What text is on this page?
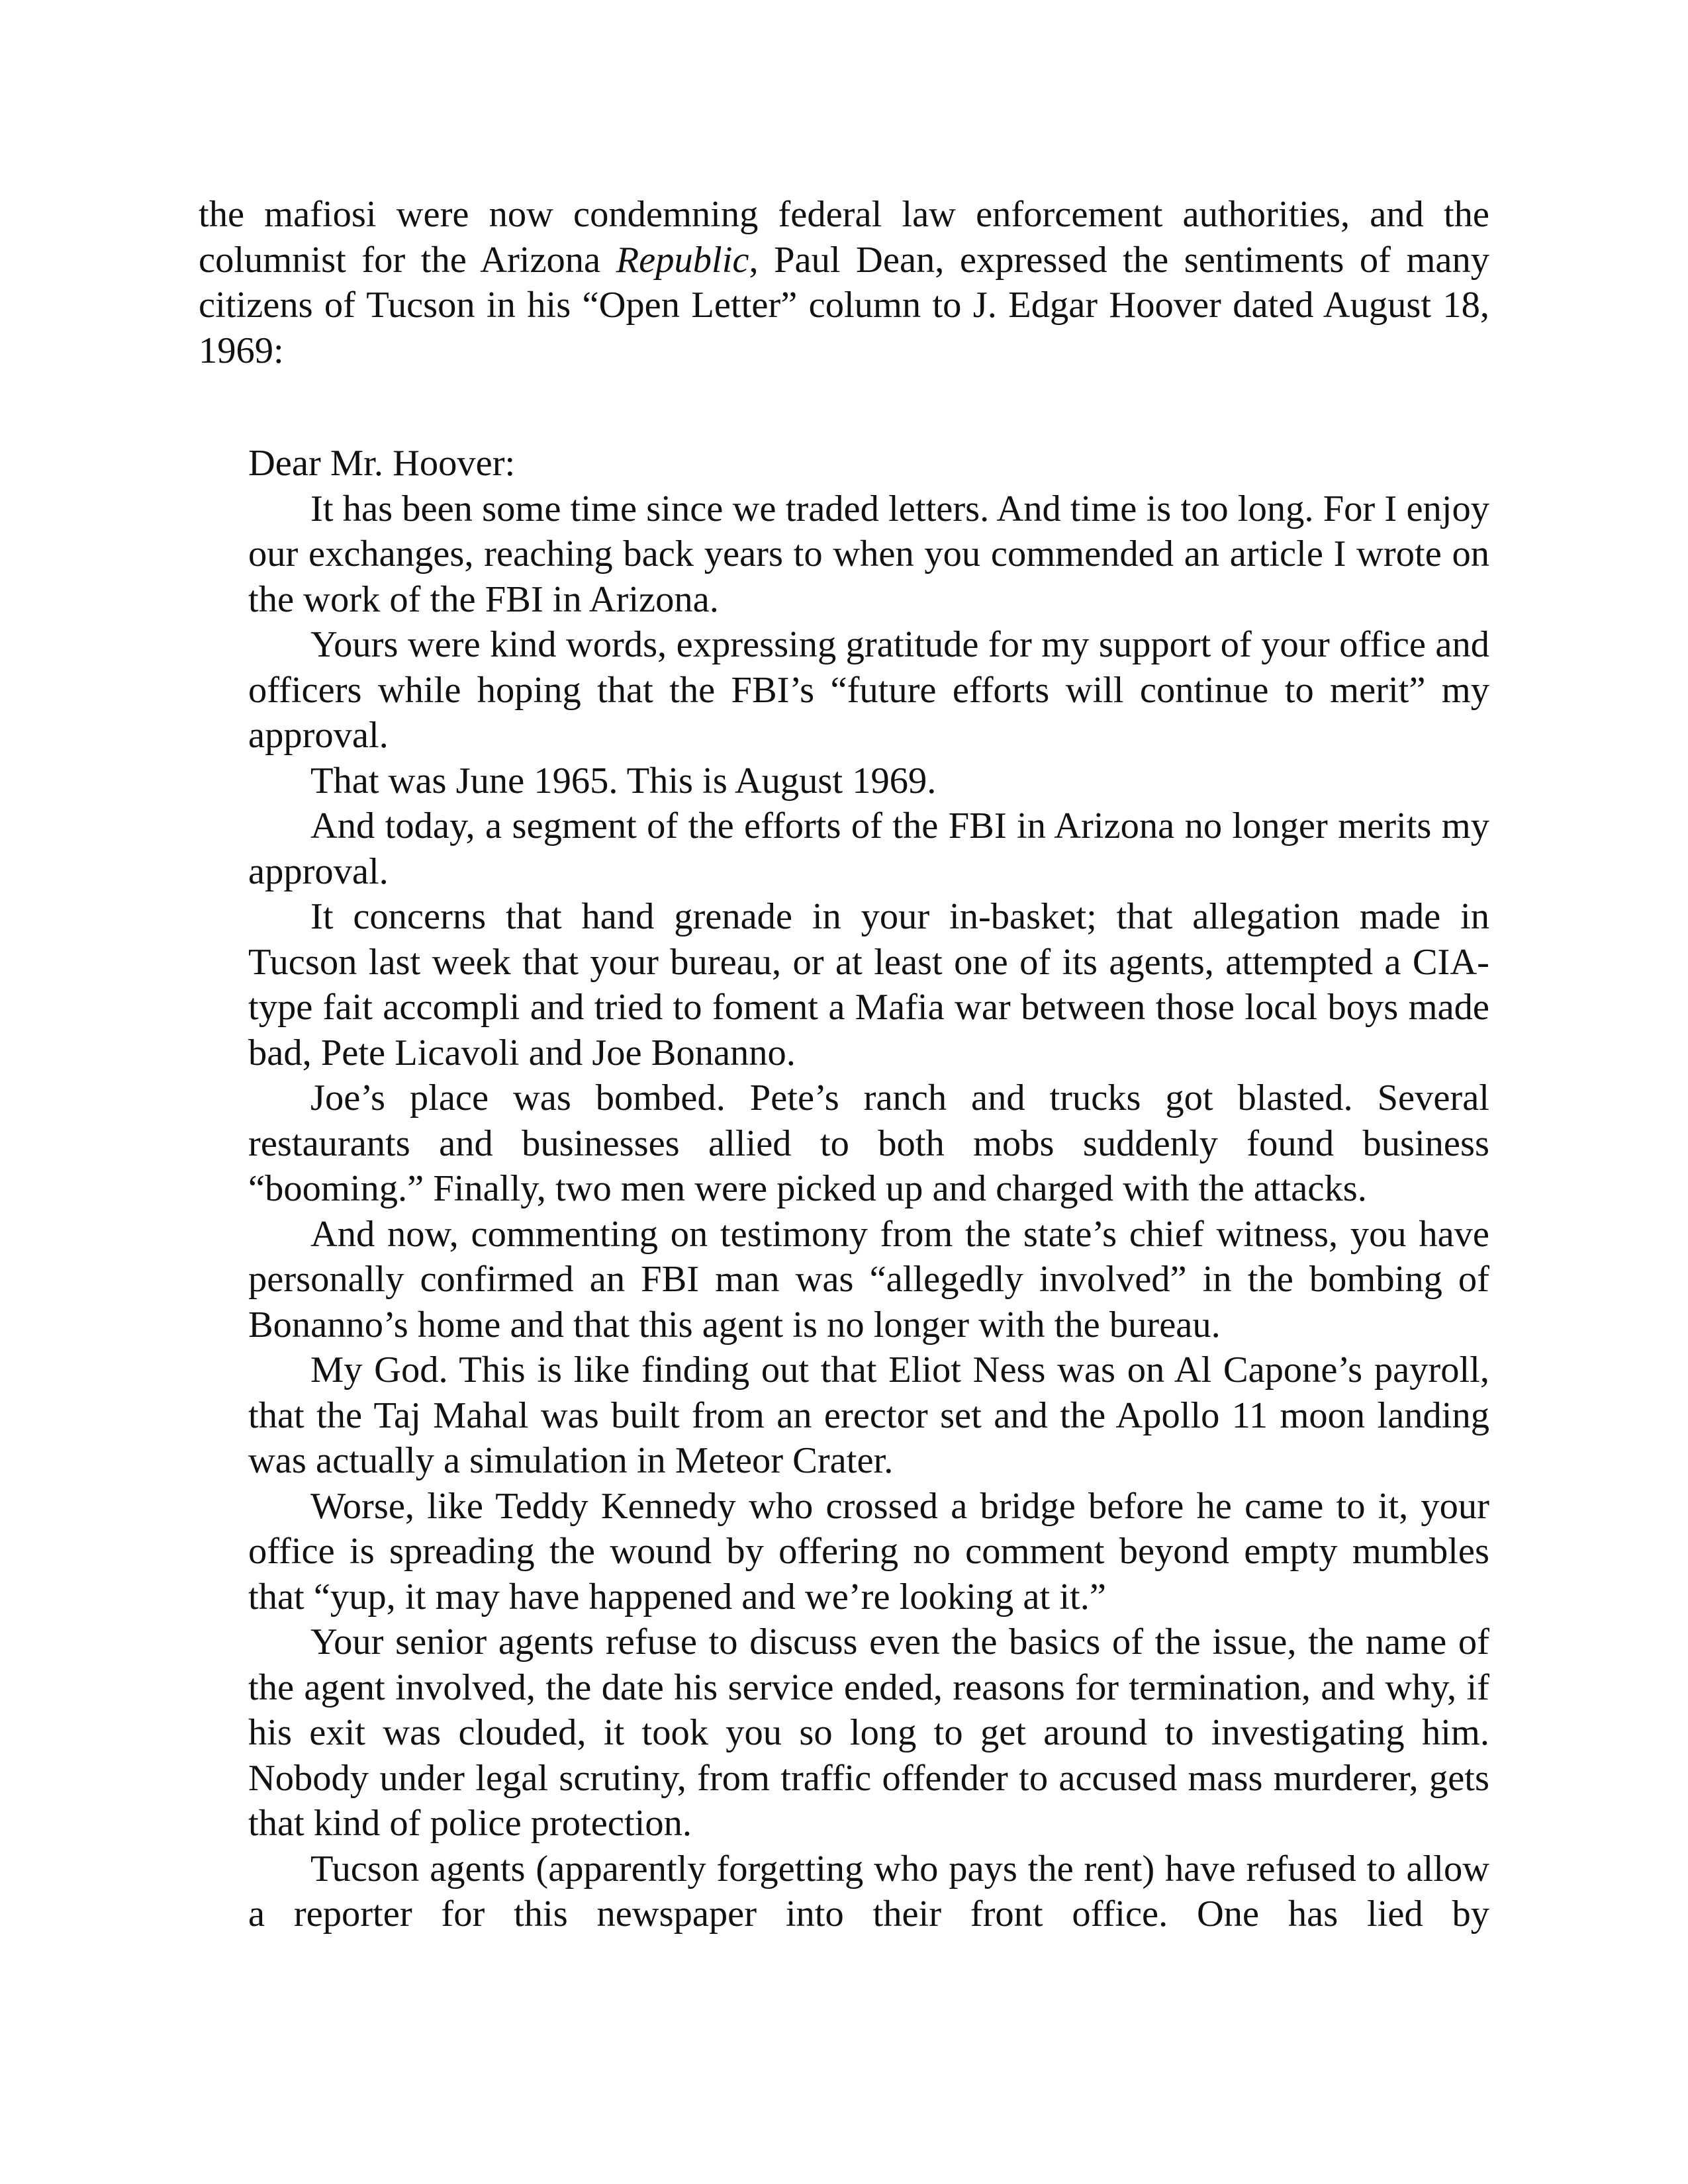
the mafiosi were now condemning federal law enforcement authorities, and the columnist for the Arizona Republic, Paul Dean, expressed the sentiments of many citizens of Tucson in his “Open Letter” column to J. Edgar Hoover dated August 18, 1969:

Dear Mr. Hoover:

It has been some time since we traded letters. And time is too long. For I enjoy our exchanges, reaching back years to when you commended an article I wrote on the work of the FBI in Arizona.

Yours were kind words, expressing gratitude for my support of your office and officers while hoping that the FBI’s “future efforts will continue to merit” my approval.

That was June 1965. This is August 1969.

And today, a segment of the efforts of the FBI in Arizona no longer merits my approval.

It concerns that hand grenade in your in-basket; that allegation made in Tucson last week that your bureau, or at least one of its agents, attempted a CIA-type fait accompli and tried to foment a Mafia war between those local boys made bad, Pete Licavoli and Joe Bonanno.

Joe’s place was bombed. Pete’s ranch and trucks got blasted. Several restaurants and businesses allied to both mobs suddenly found business “booming.” Finally, two men were picked up and charged with the attacks.

And now, commenting on testimony from the state’s chief witness, you have personally confirmed an FBI man was “allegedly involved” in the bombing of Bonanno’s home and that this agent is no longer with the bureau.

My God. This is like finding out that Eliot Ness was on Al Capone’s payroll, that the Taj Mahal was built from an erector set and the Apollo 11 moon landing was actually a simulation in Meteor Crater.

Worse, like Teddy Kennedy who crossed a bridge before he came to it, your office is spreading the wound by offering no comment beyond empty mumbles that “yup, it may have happened and we’re looking at it.”

Your senior agents refuse to discuss even the basics of the issue, the name of the agent involved, the date his service ended, reasons for termination, and why, if his exit was clouded, it took you so long to get around to investigating him. Nobody under legal scrutiny, from traffic offender to accused mass murderer, gets that kind of police protection.

Tucson agents (apparently forgetting who pays the rent) have refused to allow a reporter for this newspaper into their front office. One has lied by
